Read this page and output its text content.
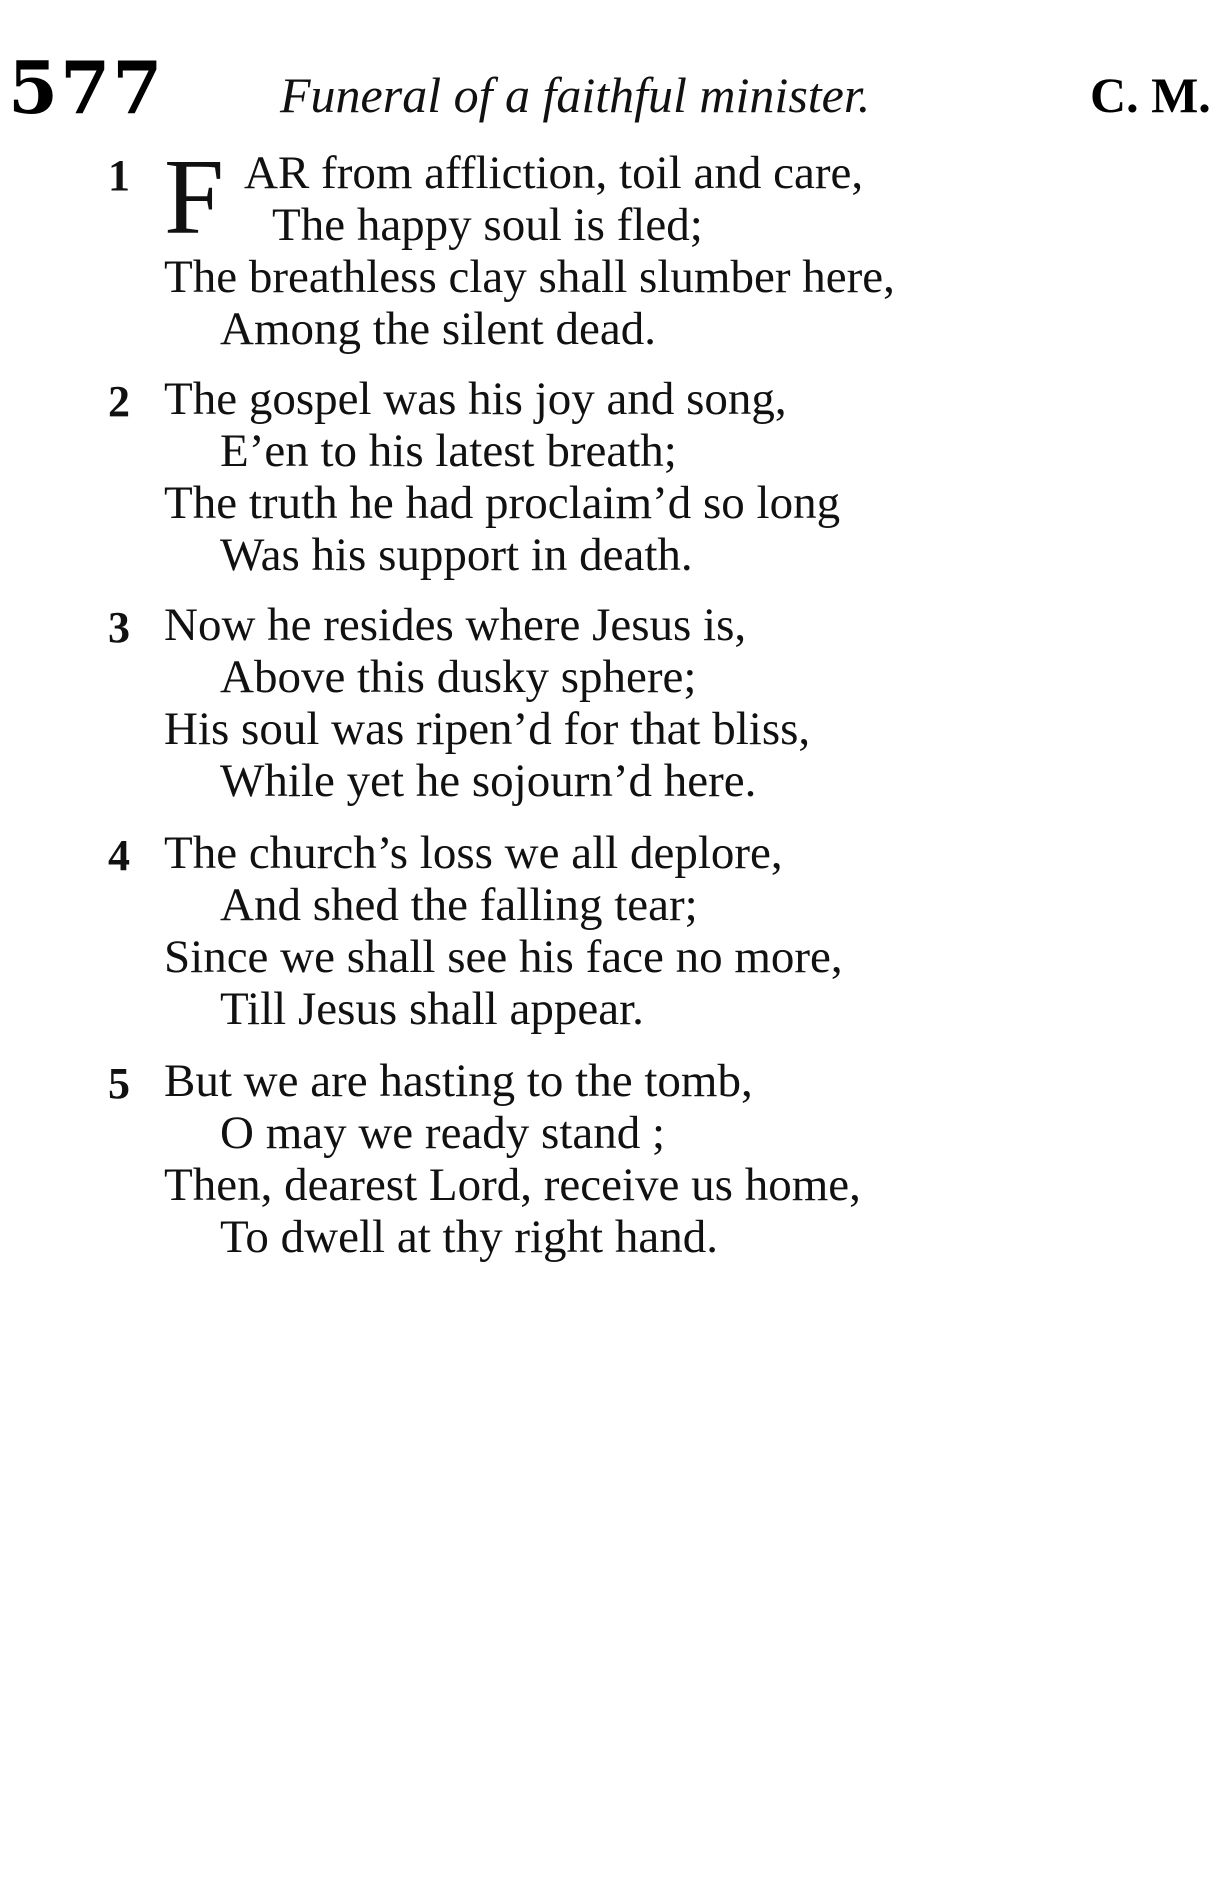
577 Funeral of a faithful minister.	C. M.
1 F AR from affliction, toil and care,
The happy soul is fled;
The breathless clay shall slumber here,
Among the silent dead.
2 The gospel was his joy and song,
E’en to his latest breath;
The truth he had proclaim’d so long
Was his support in death.
3 Now he resides where Jesus is,
Above this dusky sphere;
His soul was ripen’d for that bliss,
While yet he sojourn’d here.
4 The church’s loss we all deplore,
And shed the falling tear;
Since we shall see his face no more,
Till Jesus shall appear.
5 But we are hasting to the tomb,
O may we ready stand ;
Then, dearest Lord, receive us home,
To dwell at thy right hand.
